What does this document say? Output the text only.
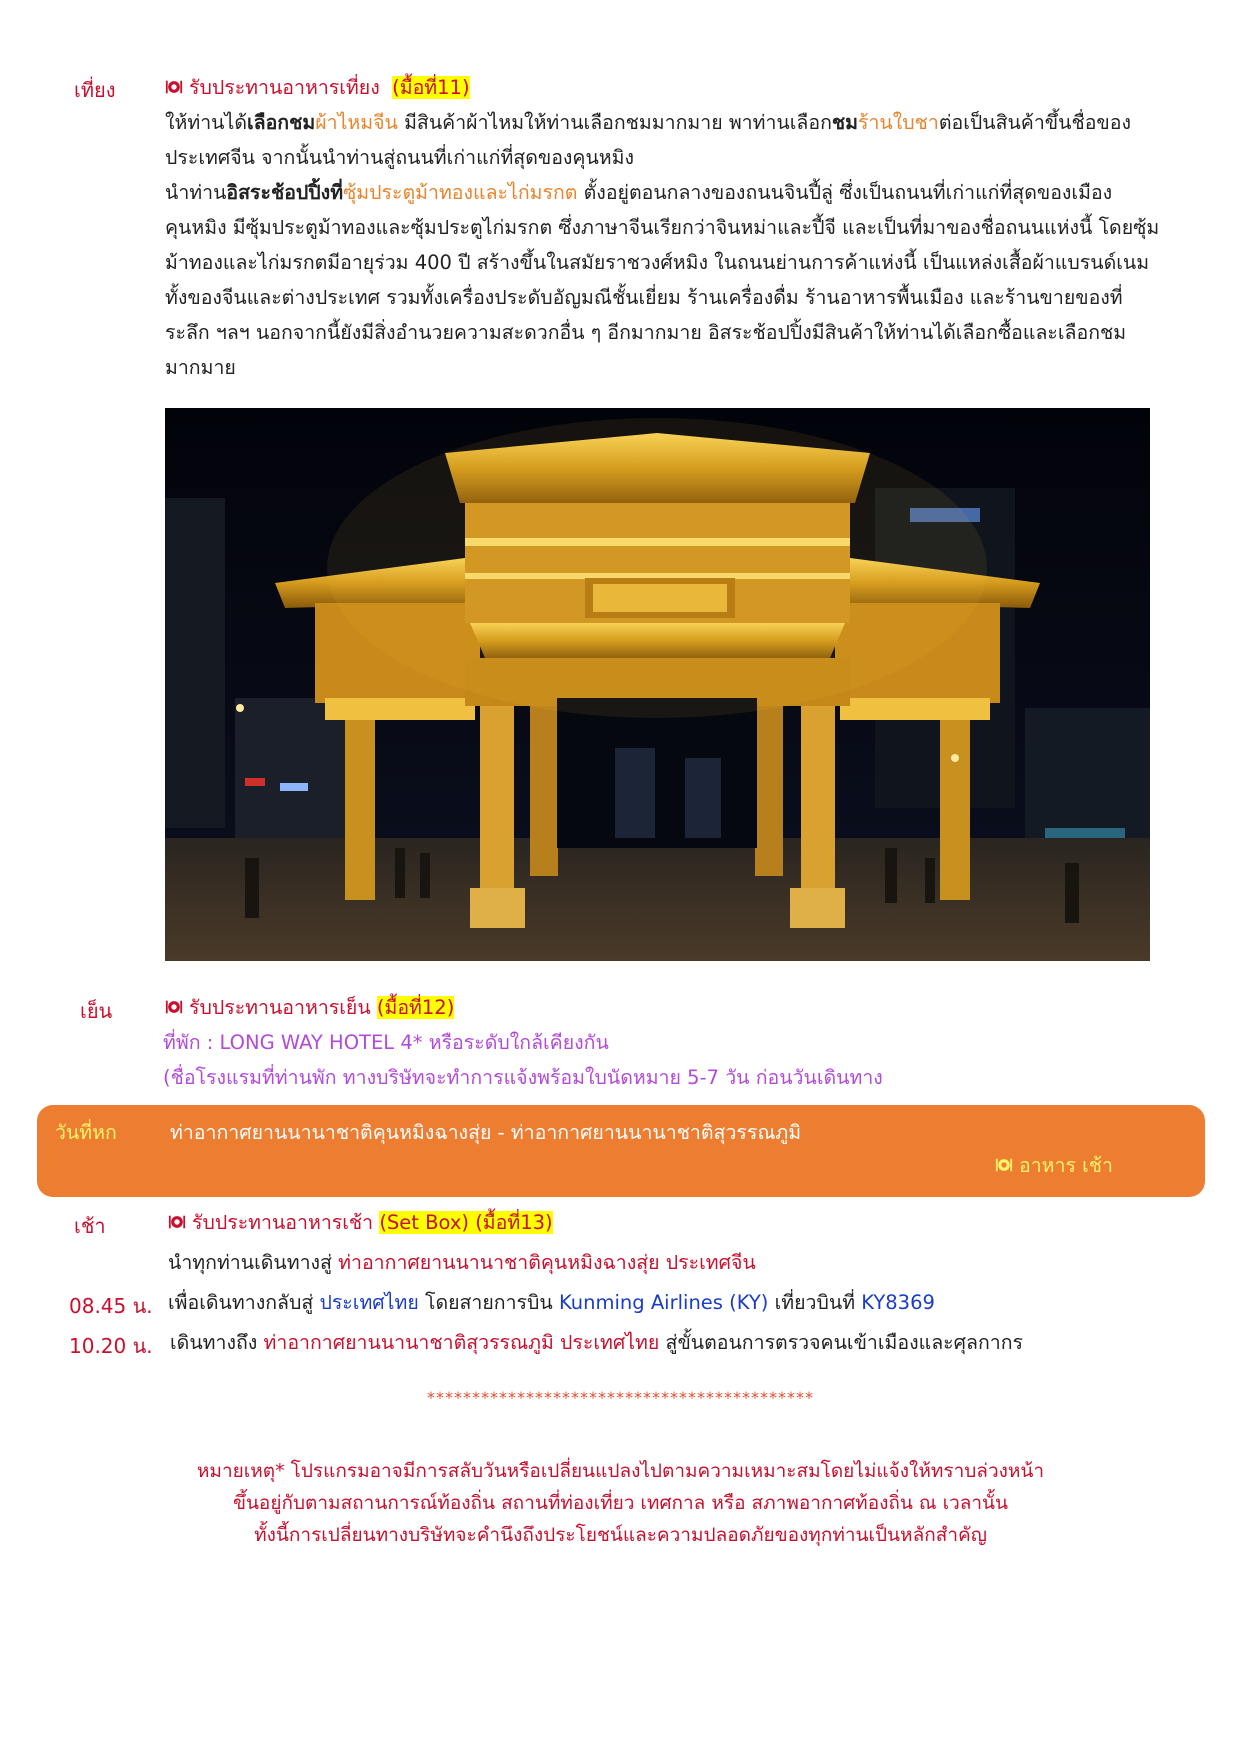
เที่ยง	รับประทานอาหารเที่ยง (มื้อที่11)
ให้ท่านได้เลือกชมผ้าไหมจีน มีสินค้าผ้าไหมให้ท่านเลือกชมมากมาย พาท่านเลือกชมร้านใบชาต่อเป็นสินค้าขึ้นชื่อของ
ประเทศจีน จากนั้นนำท่านสู่ถนนที่เก่าแก่ที่สุดของคุนหมิง
นำท่านอิสระช้อปปิ้งที่ซุ้มประตูม้าทองและไก่มรกต ตั้งอยู่ตอนกลางของถนนจินปี้ลู่ ซึ่งเป็นถนนที่เก่าแก่ที่สุดของเมือง
คุนหมิง มีซุ้มประตูม้าทองและซุ้มประตูไก่มรกต ซึ่งภาษาจีนเรียกว่าจินหม่าและปี้จี และเป็นที่มาของชื่อถนนแห่งนี้ โดยซุ้ม
ม้าทองและไก่มรกตมีอายุร่วม 400 ปี สร้างขึ้นในสมัยราชวงศ์หมิง ในถนนย่านการค้าแห่งนี้ เป็นแหล่งเสื้อผ้าแบรนด์เนม
ทั้งของจีนและต่างประเทศ รวมทั้งเครื่องประดับอัญมณีชั้นเยี่ยม ร้านเครื่องดื่ม ร้านอาหารพื้นเมือง และร้านขายของที่
ระลึก ฯลฯ นอกจากนี้ยังมีสิ่งอำนวยความสะดวกอื่น ๆ อีกมากมาย อิสระช้อปปิ้งมีสินค้าให้ท่านได้เลือกซื้อและเลือกชม
มากมาย
เย็น	รับประทานอาหารเย็น (มื้อที่12)
ที่พัก : LONG WAY HOTEL 4* หรือระดับใกล้เคียงกัน
(ชื่อโรงแรมที่ท่านพัก ทางบริษัทจะทำการแจ้งพร้อมใบนัดหมาย 5-7 วัน ก่อนวันเดินทาง
วันที่หก	ท่าอากาศยานนานาชาติคุนหมิงฉางสุ่ย - ท่าอากาศยานนานาชาติสุวรรณภูมิ
อาหาร เช้า
เช้า	รับประทานอาหารเช้า (Set Box) (มื้อที่13)
นำทุกท่านเดินทางสู่ ท่าอากาศยานนานาชาติคุนหมิงฉางสุ่ย ประเทศจีน
08.45 น. เพื่อเดินทางกลับสู่ ประเทศไทย โดยสายการบิน Kunming Airlines (KY) เที่ยวบินที่ KY8369
10.20 น. เดินทางถึง ท่าอากาศยานนานาชาติสุวรรณภูมิ ประเทศไทย สู่ขั้นตอนการตรวจคนเข้าเมืองและศุลกากร
*******************************************
หมายเหตุ* โปรแกรมอาจมีการสลับวันหรือเปลี่ยนแปลงไปตามความเหมาะสมโดยไม่แจ้งให้ทราบล่วงหน้า
ขึ้นอยู่กับตามสถานการณ์ท้องถิ่น สถานที่ท่องเที่ยว เทศกาล หรือ สภาพอากาศท้องถิ่น ณ เวลานั้น
ทั้งนี้การเปลี่ยนทางบริษัทจะคำนึงถึงประโยชน์และความปลอดภัยของทุกท่านเป็นหลักสำคัญ
